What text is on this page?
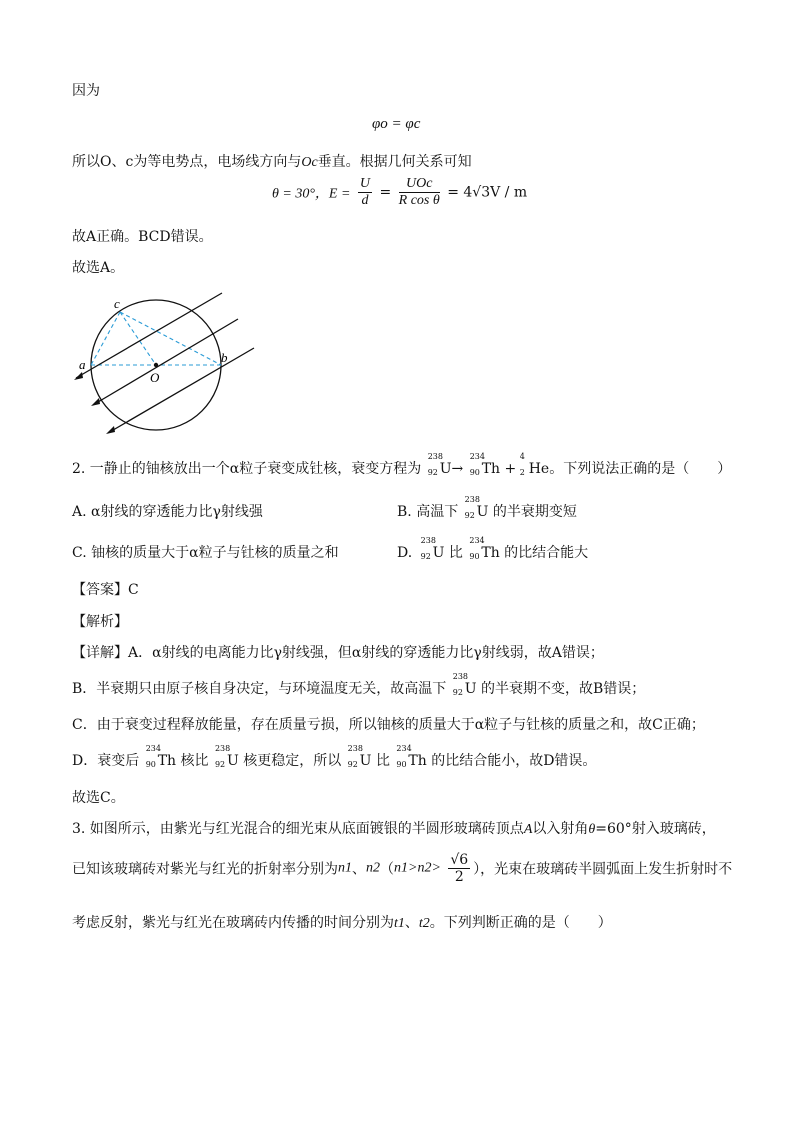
因为
φo = φc
所以O、c为等电势点，电场线方向与Oc垂直。根据几何关系可知
θ = 30°，$E = \frac{U}{d} = \frac{\text{UOc}}{\text{R cos θ}} = 4√3V / m$
故A正确。BCD错误。
故选A。
c
a	b
O
2. 一静止的铀核放出一个α粒子衰变成钍核，衰变方程为
238
92 U→
234
90 Th +
4
2 He。下列说法正确的是（　　）
A. α射线的穿透能力比γ射线强	B. 高温下
238
92 U 的半衰期变短
C. 铀核的质量大于α粒子与钍核的质量之和	D.
238
92 U 比
234
90 Th 的比结合能大
【答案】C
【解析】
【详解】A．α射线的电离能力比γ射线强，但α射线的穿透能力比γ射线弱，故A错误；
B．半衰期只由原子核自身决定，与环境温度无关，故高温下
238
92 U 的半衰期不变，故B错误；
C．由于衰变过程释放能量，存在质量亏损，所以铀核的质量大于α粒子与钍核的质量之和，故C正确；
D．衰变后
234
90 Th 核比
238
92 U 核更稳定，所以
238
92 U 比
234
90 Th 的比结合能小，故D错误。
故选C。
3. 如图所示，由紫光与红光混合的细光束从底面镀银的半圆形玻璃砖顶点A以入射角θ=60°射入玻璃砖，
已知该玻璃砖对紫光与红光的折射率分别为n1、$n2(n1>n2> \frac{√6}{2}$ ），光束在玻璃砖半圆弧面上发生折射时不
考虑反射，紫光与红光在玻璃砖内传播的时间分别为t1、t2。下列判断正确的是（　　）
